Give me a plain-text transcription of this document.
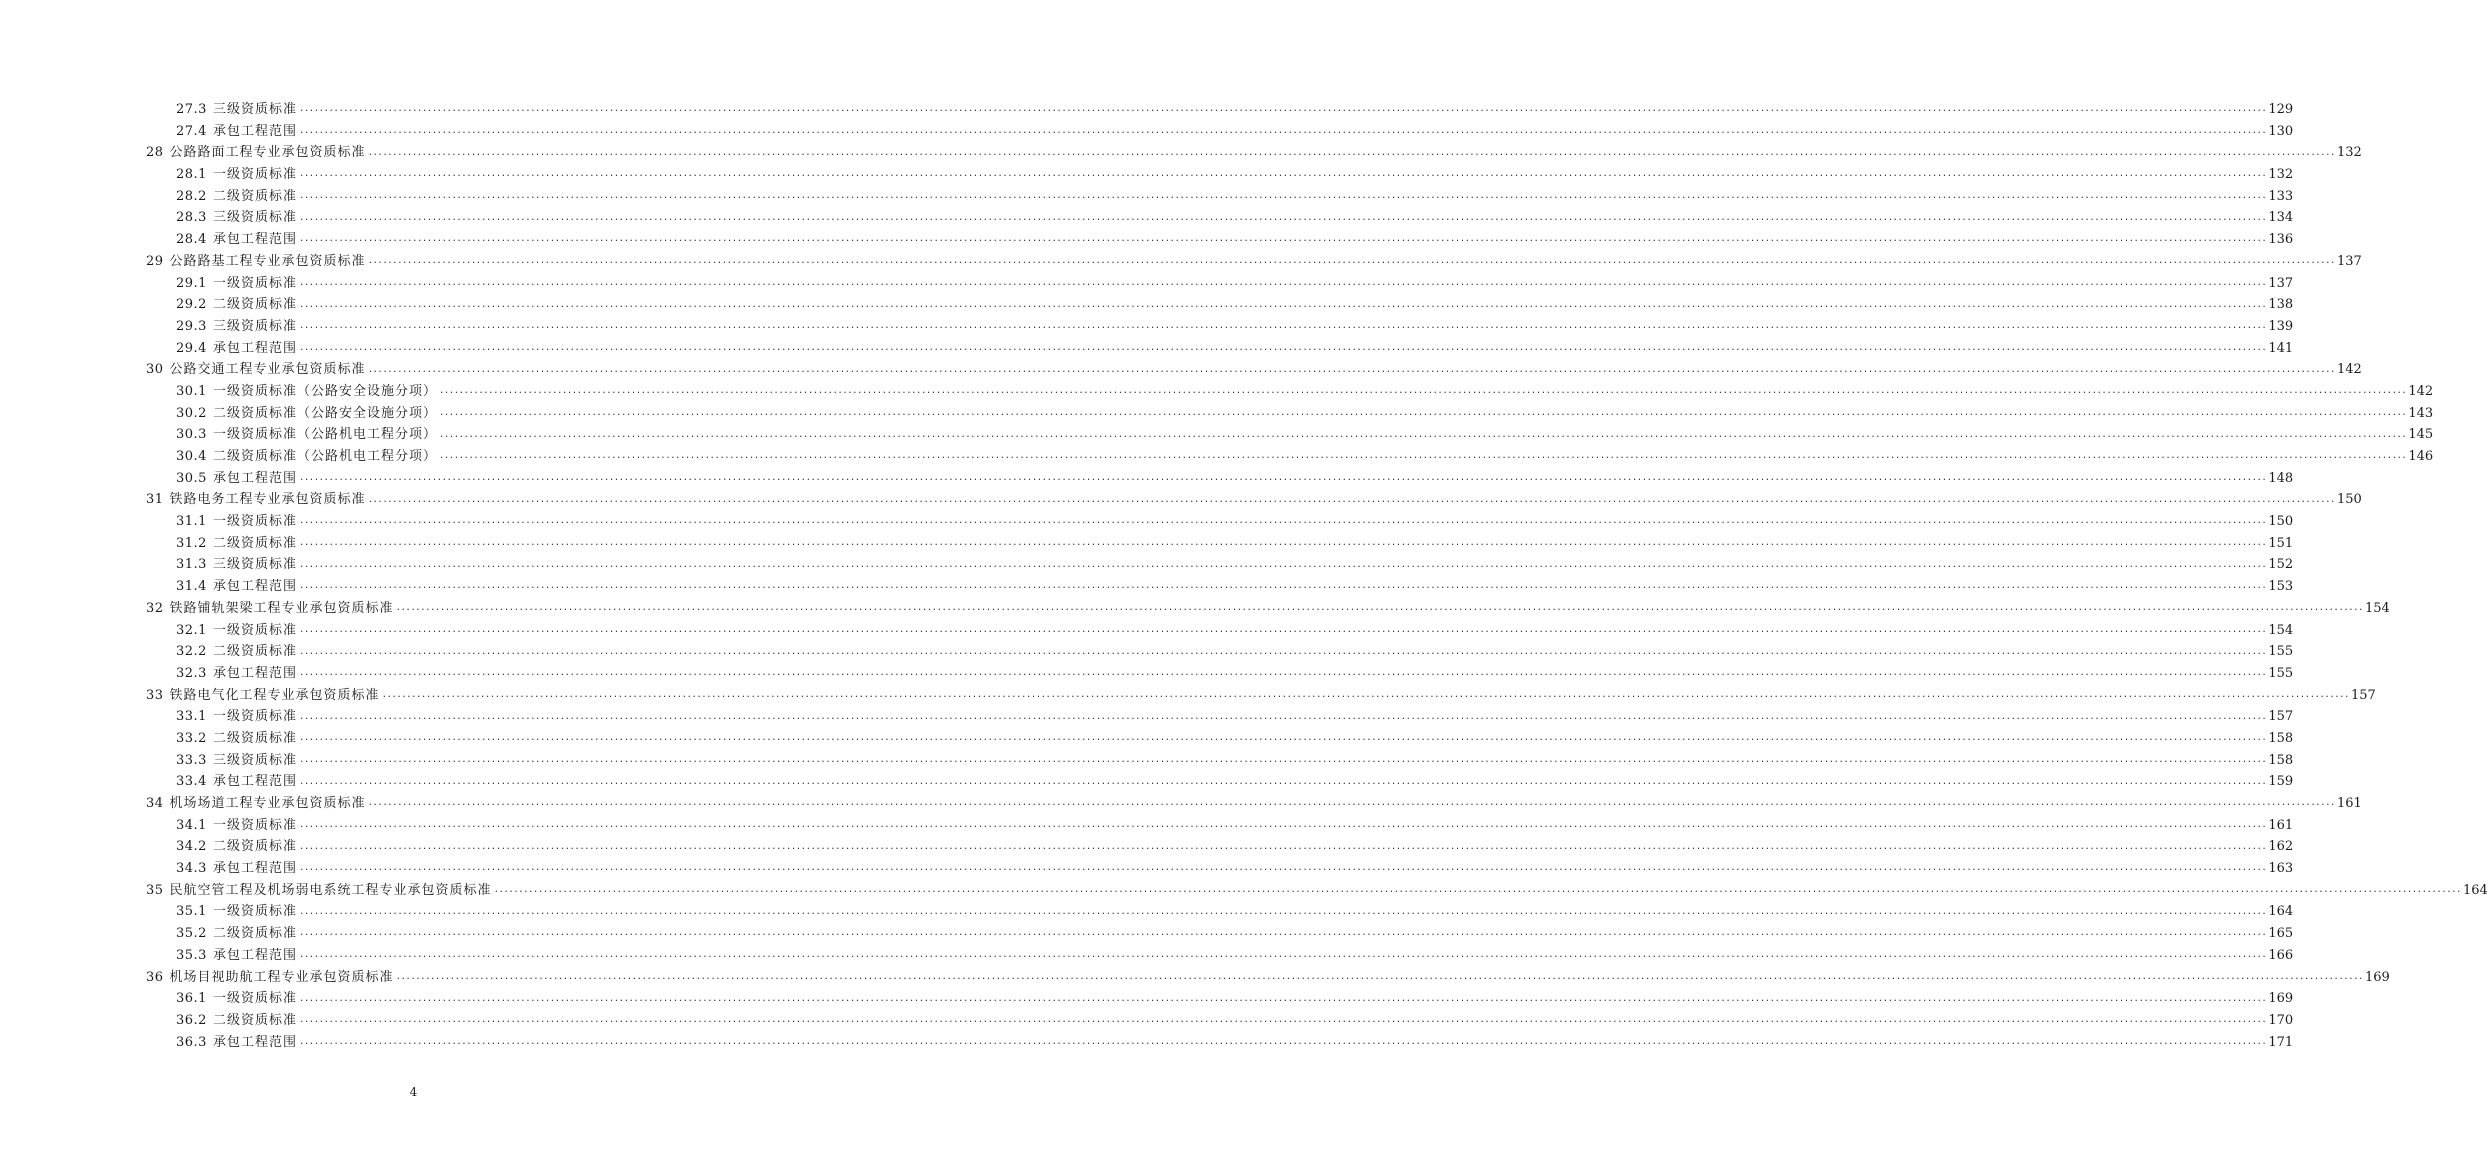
27.3 三级资质标准 ................................................................................................................................................................................................................................................................................................................................................................................................................ 129
27.4 承包工程范围 ................................................................................................................................................................................................................................................................................................................................................................................................................ 130
28 公路路面工程专业承包资质标准 ................................................................................................................................................................................................................................................................................................................................................................................................................ 132
28.1 一级资质标准 ................................................................................................................................................................................................................................................................................................................................................................................................................ 132
28.2 二级资质标准 ................................................................................................................................................................................................................................................................................................................................................................................................................ 133
28.3 三级资质标准 ................................................................................................................................................................................................................................................................................................................................................................................................................ 134
28.4 承包工程范围 ................................................................................................................................................................................................................................................................................................................................................................................................................ 136
29 公路路基工程专业承包资质标准 ................................................................................................................................................................................................................................................................................................................................................................................................................ 137
29.1 一级资质标准 ................................................................................................................................................................................................................................................................................................................................................................................................................ 137
29.2 二级资质标准 ................................................................................................................................................................................................................................................................................................................................................................................................................ 138
29.3 三级资质标准 ................................................................................................................................................................................................................................................................................................................................................................................................................ 139
29.4 承包工程范围 ................................................................................................................................................................................................................................................................................................................................................................................................................ 141
30 公路交通工程专业承包资质标准 ................................................................................................................................................................................................................................................................................................................................................................................................................ 142
30.1 一级资质标准（公路安全设施分项） ................................................................................................................................................................................................................................................................................................................................................................................................................ 142
30.2 二级资质标准（公路安全设施分项） ................................................................................................................................................................................................................................................................................................................................................................................................................ 143
30.3 一级资质标准（公路机电工程分项） ................................................................................................................................................................................................................................................................................................................................................................................................................ 145
30.4 二级资质标准（公路机电工程分项） ................................................................................................................................................................................................................................................................................................................................................................................................................ 146
30.5 承包工程范围 ................................................................................................................................................................................................................................................................................................................................................................................................................ 148
31 铁路电务工程专业承包资质标准 ................................................................................................................................................................................................................................................................................................................................................................................................................ 150
31.1 一级资质标准 ................................................................................................................................................................................................................................................................................................................................................................................................................ 150
31.2 二级资质标准 ................................................................................................................................................................................................................................................................................................................................................................................................................ 151
31.3 三级资质标准 ................................................................................................................................................................................................................................................................................................................................................................................................................ 152
31.4 承包工程范围 ................................................................................................................................................................................................................................................................................................................................................................................................................ 153
32 铁路铺轨架梁工程专业承包资质标准 ................................................................................................................................................................................................................................................................................................................................................................................................................ 154
32.1 一级资质标准 ................................................................................................................................................................................................................................................................................................................................................................................................................ 154
32.2 二级资质标准 ................................................................................................................................................................................................................................................................................................................................................................................................................ 155
32.3 承包工程范围 ................................................................................................................................................................................................................................................................................................................................................................................................................ 155
33 铁路电气化工程专业承包资质标准 ................................................................................................................................................................................................................................................................................................................................................................................................................ 157
33.1 一级资质标准 ................................................................................................................................................................................................................................................................................................................................................................................................................ 157
33.2 二级资质标准 ................................................................................................................................................................................................................................................................................................................................................................................................................ 158
33.3 三级资质标准 ................................................................................................................................................................................................................................................................................................................................................................................................................ 158
33.4 承包工程范围 ................................................................................................................................................................................................................................................................................................................................................................................................................ 159
34 机场场道工程专业承包资质标准 ................................................................................................................................................................................................................................................................................................................................................................................................................ 161
34.1 一级资质标准 ................................................................................................................................................................................................................................................................................................................................................................................................................ 161
34.2 二级资质标准 ................................................................................................................................................................................................................................................................................................................................................................................................................ 162
34.3 承包工程范围 ................................................................................................................................................................................................................................................................................................................................................................................................................ 163
35 民航空管工程及机场弱电系统工程专业承包资质标准 ................................................................................................................................................................................................................................................................................................................................................................................................................ 164
35.1 一级资质标准 ................................................................................................................................................................................................................................................................................................................................................................................................................ 164
35.2 二级资质标准 ................................................................................................................................................................................................................................................................................................................................................................................................................ 165
35.3 承包工程范围 ................................................................................................................................................................................................................................................................................................................................................................................................................ 166
36 机场目视助航工程专业承包资质标准 ................................................................................................................................................................................................................................................................................................................................................................................................................ 169
36.1 一级资质标准 ................................................................................................................................................................................................................................................................................................................................................................................................................ 169
36.2 二级资质标准 ................................................................................................................................................................................................................................................................................................................................................................................................................ 170
36.3 承包工程范围 ................................................................................................................................................................................................................................................................................................................................................................................................................ 171
4
